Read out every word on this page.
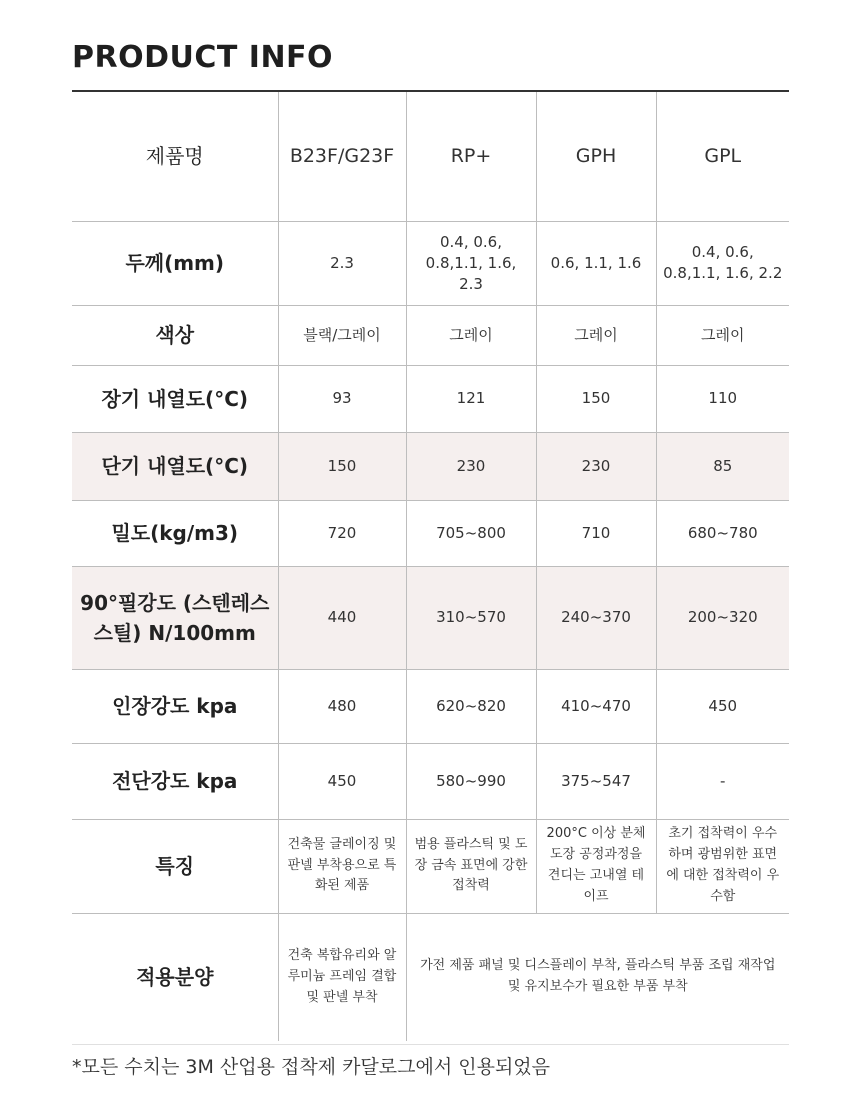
PRODUCT INFO
제품명	B23F/G23F	RP+	GPH	GPL
두께(mm)	2.3	0.4, 0.6, 0.8,1.1, 1.6, 2.3	0.6, 1.1, 1.6	0.4, 0.6, 0.8,1.1, 1.6, 2.2
색상	블랙/그레이	그레이	그레이	그레이
장기 내열도(°C)	93	121	150	110
단기 내열도(°C)	150	230	230	85
밀도(kg/m3)	720	705~800	710	680~780
90°필강도 (스텐레스스틸) N/100mm	440	310~570	240~370	200~320
인장강도 kpa	480	620~820	410~470	450
전단강도 kpa	450	580~990	375~547	-
특징	건축물 글레이징 및 판넬 부착용으로 특화된 제품	범용 플라스틱 및 도장 금속 표면에 강한 접착력	200°C 이상 분체도장 공정과정을 견디는 고내열 테이프	초기 접착력이 우수하며 광범위한 표면에 대한 접착력이 우수함
적용분양	건축 복합유리와 알루미늄 프레임 결합 및 판넬 부착	가전 제품 패널 및 디스플레이 부착, 플라스틱 부품 조립 재작업 및 유지보수가 필요한 부품 부착		
*모든 수치는 3M 산업용 접착제 카달로그에서 인용되었음
